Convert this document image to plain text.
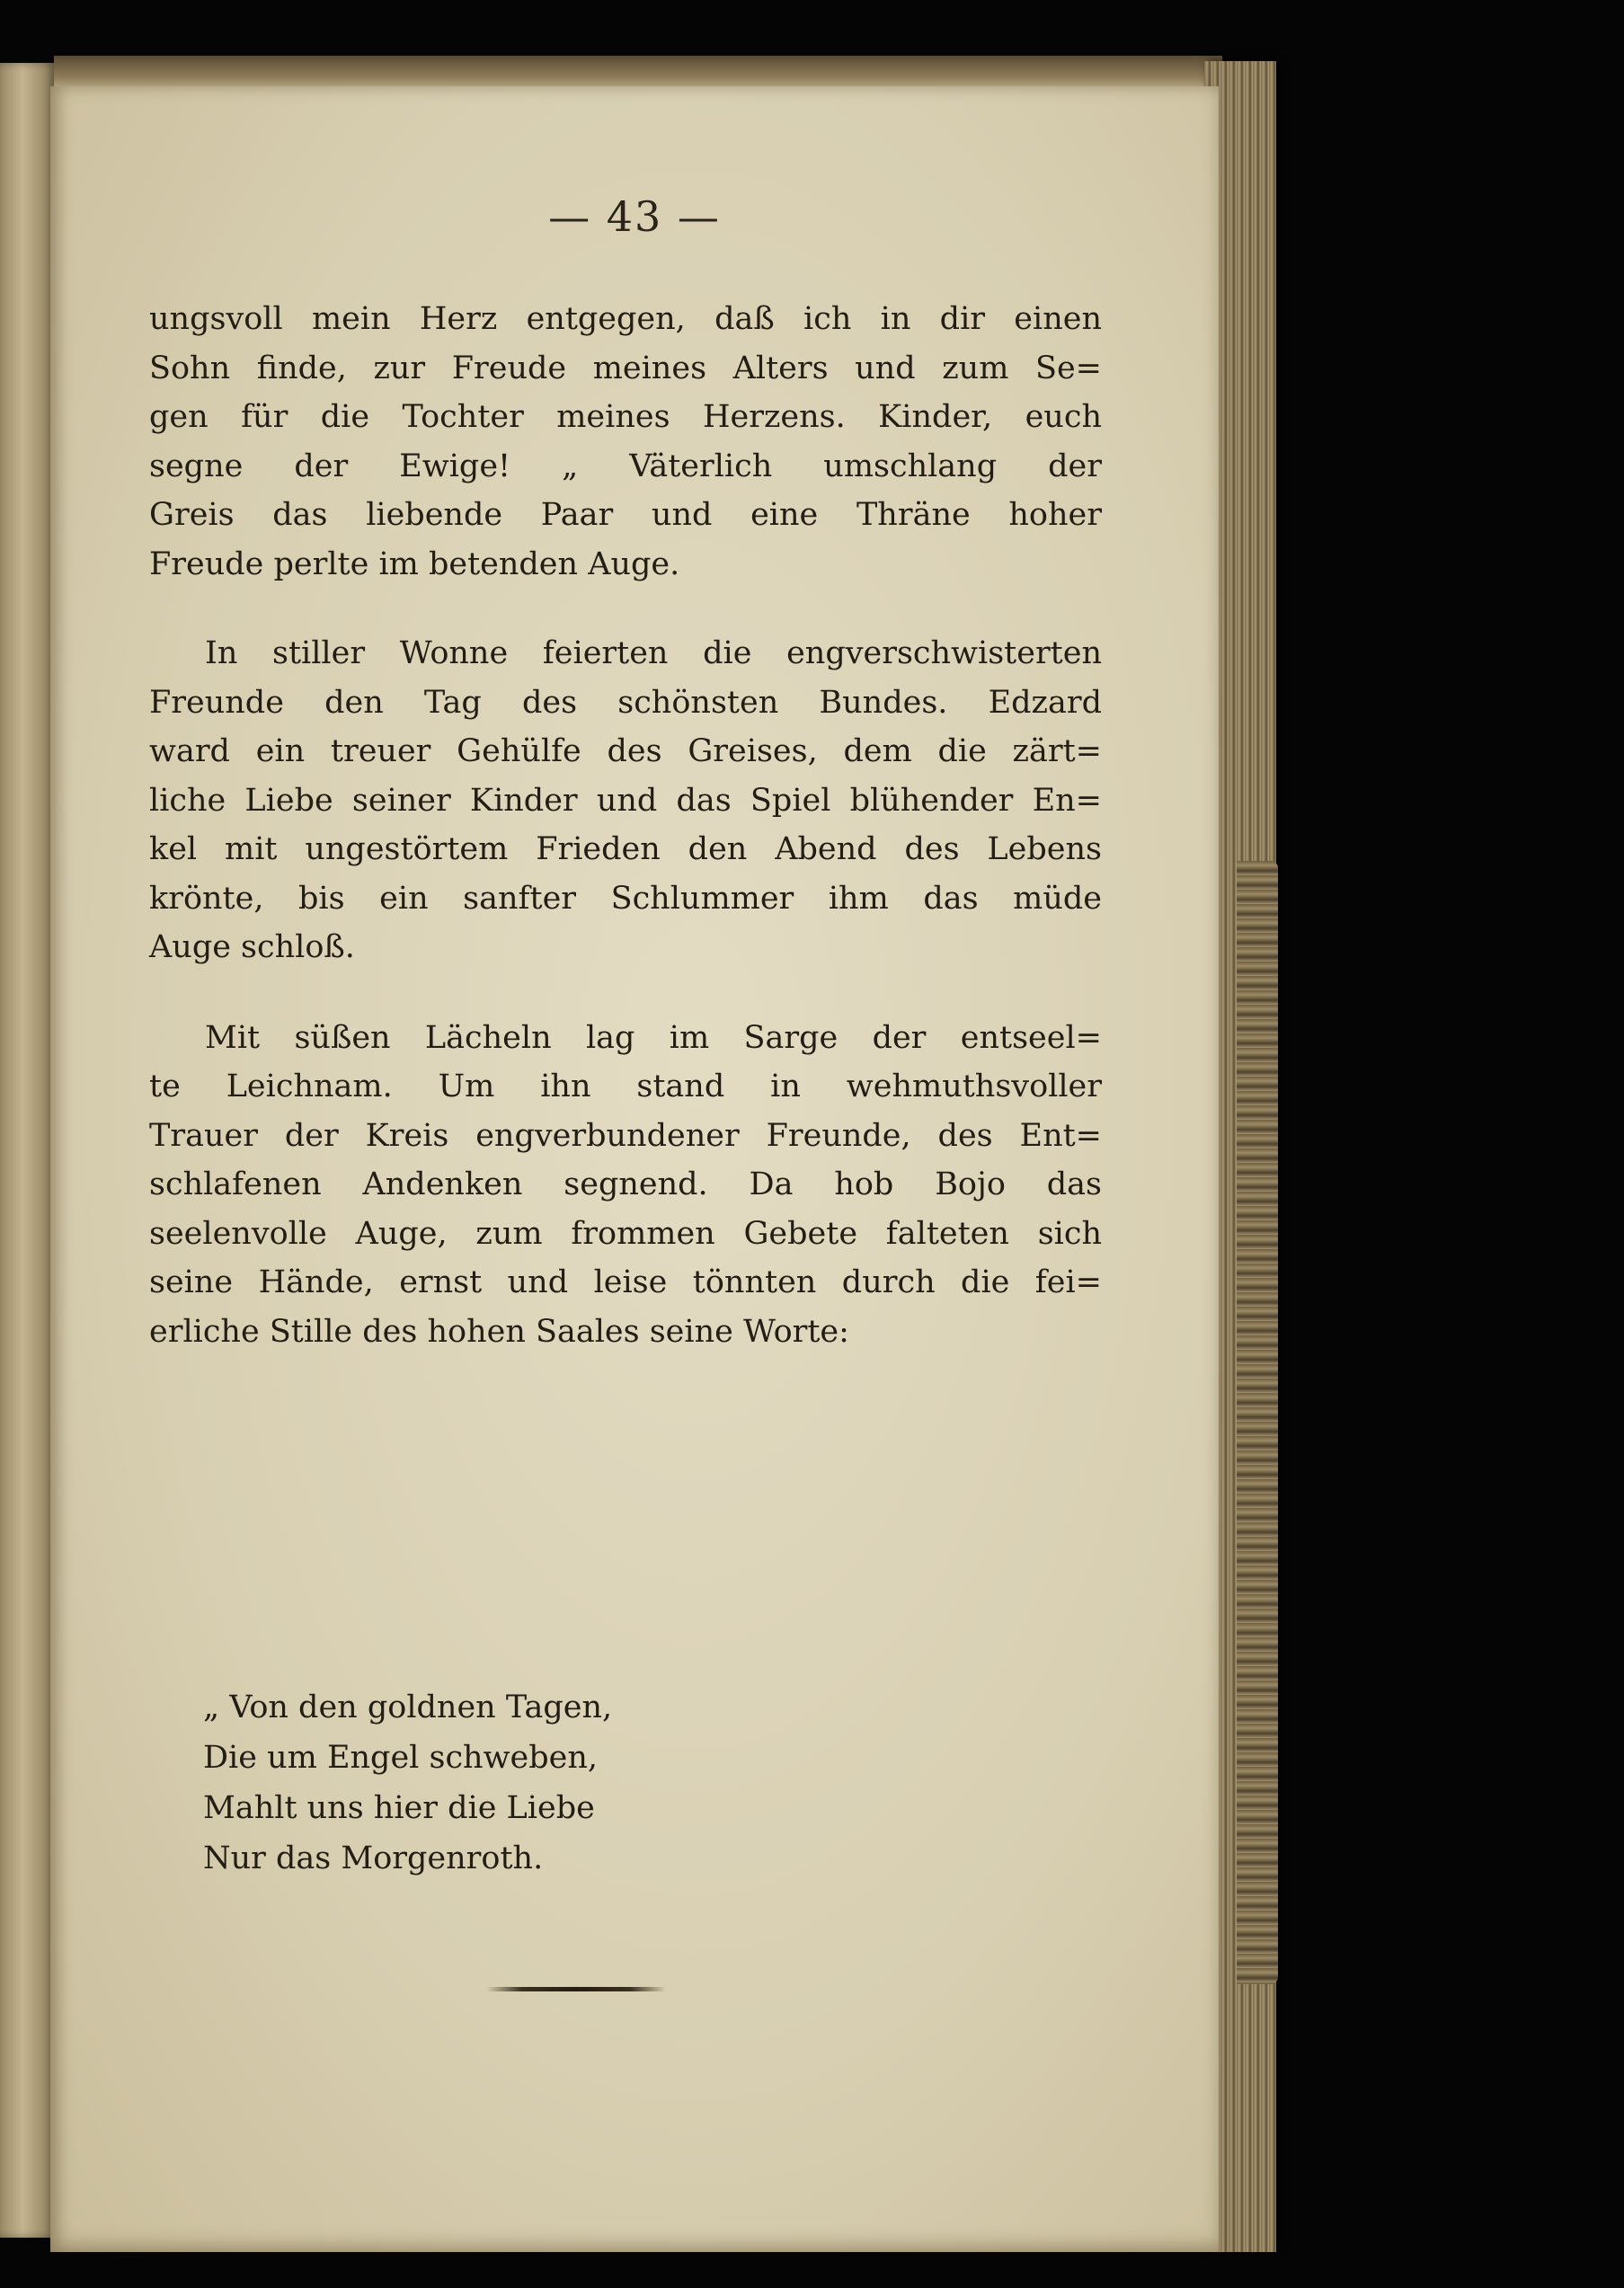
— 43 —
ungsvoll mein Herz entgegen, daß ich in dir einen
Sohn finde, zur Freude meines Alters und zum Se=
gen für die Tochter meines Herzens. Kinder, euch
segne der Ewige! „ Väterlich umschlang der
Greis das liebende Paar und eine Thräne hoher
Freude perlte im betenden Auge.
In stiller Wonne feierten die engverschwisterten
Freunde den Tag des schönsten Bundes. Edzard
ward ein treuer Gehülfe des Greises, dem die zärt=
liche Liebe seiner Kinder und das Spiel blühender En=
kel mit ungestörtem Frieden den Abend des Lebens
krönte, bis ein sanfter Schlummer ihm das müde
Auge schloß.
Mit süßen Lächeln lag im Sarge der entseel=
te Leichnam. Um ihn stand in wehmuthsvoller
Trauer der Kreis engverbundener Freunde, des Ent=
schlafenen Andenken segnend. Da hob Bojo das
seelenvolle Auge, zum frommen Gebete falteten sich
seine Hände, ernst und leise tönnten durch die fei=
erliche Stille des hohen Saales seine Worte:
„ Von den goldnen Tagen,
Die um Engel schweben,
Mahlt uns hier die Liebe
Nur das Morgenroth.
